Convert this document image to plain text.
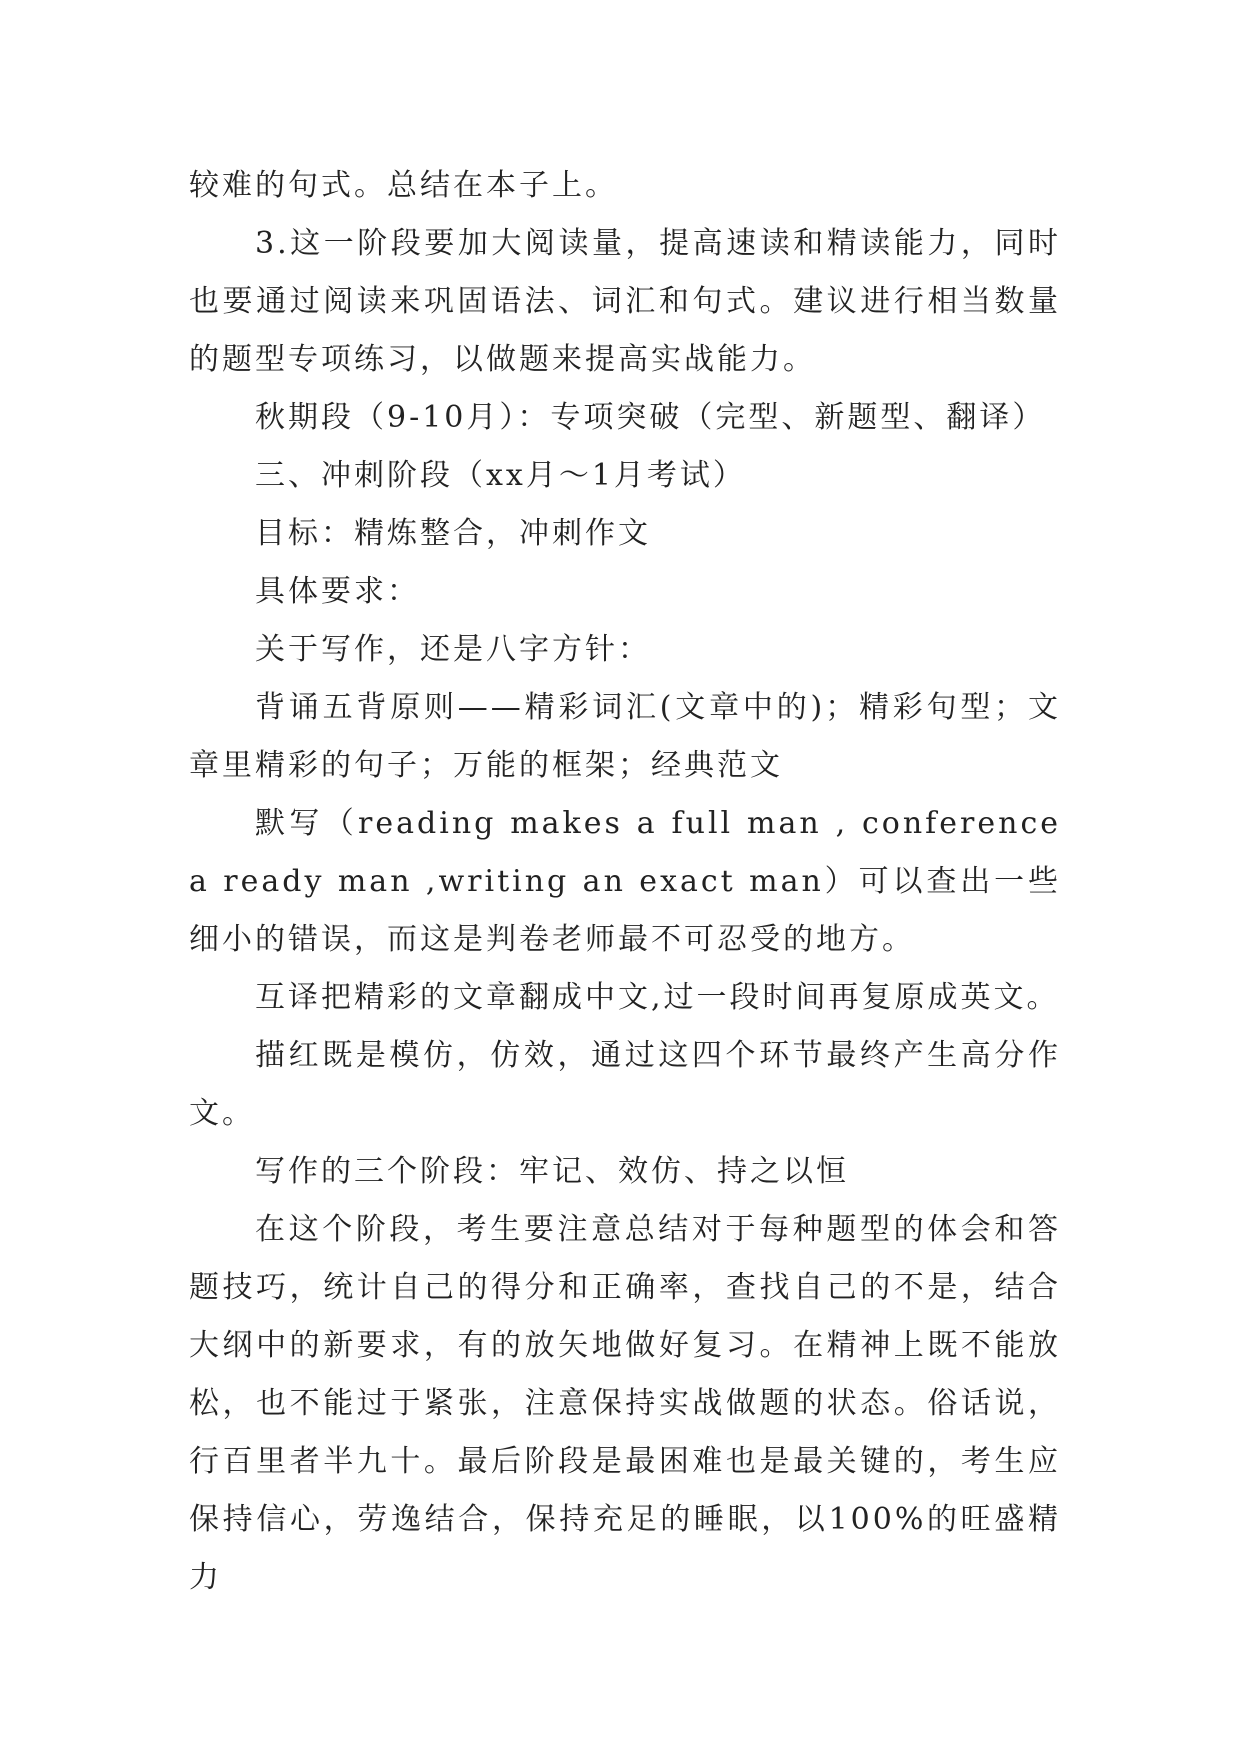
较难的句式。总结在本子上。

3.这一阶段要加大阅读量，提高速读和精读能力，同时也要通过阅读来巩固语法、词汇和句式。建议进行相当数量的题型专项练习，以做题来提高实战能力。

秋期段（9-10月）：专项突破（完型、新题型、翻译）

三、冲刺阶段（xx月～1月考试）

目标：精炼整合，冲刺作文

具体要求：

关于写作，还是八字方针：

背诵五背原则——精彩词汇(文章中的)；精彩句型；文章里精彩的句子；万能的框架；经典范文

默写（reading makes a full man , conference a ready man ,writing an exact man）可以查出一些细小的错误，而这是判卷老师最不可忍受的地方。

互译把精彩的文章翻成中文,过一段时间再复原成英文。

描红既是模仿，仿效，通过这四个环节最终产生高分作文。

写作的三个阶段：牢记、效仿、持之以恒

在这个阶段，考生要注意总结对于每种题型的体会和答题技巧，统计自己的得分和正确率，查找自己的不是，结合大纲中的新要求，有的放矢地做好复习。在精神上既不能放松，也不能过于紧张，注意保持实战做题的状态。俗话说，行百里者半九十。最后阶段是最困难也是最关键的，考生应保持信心，劳逸结合，保持充足的睡眠，以100%的旺盛精力
